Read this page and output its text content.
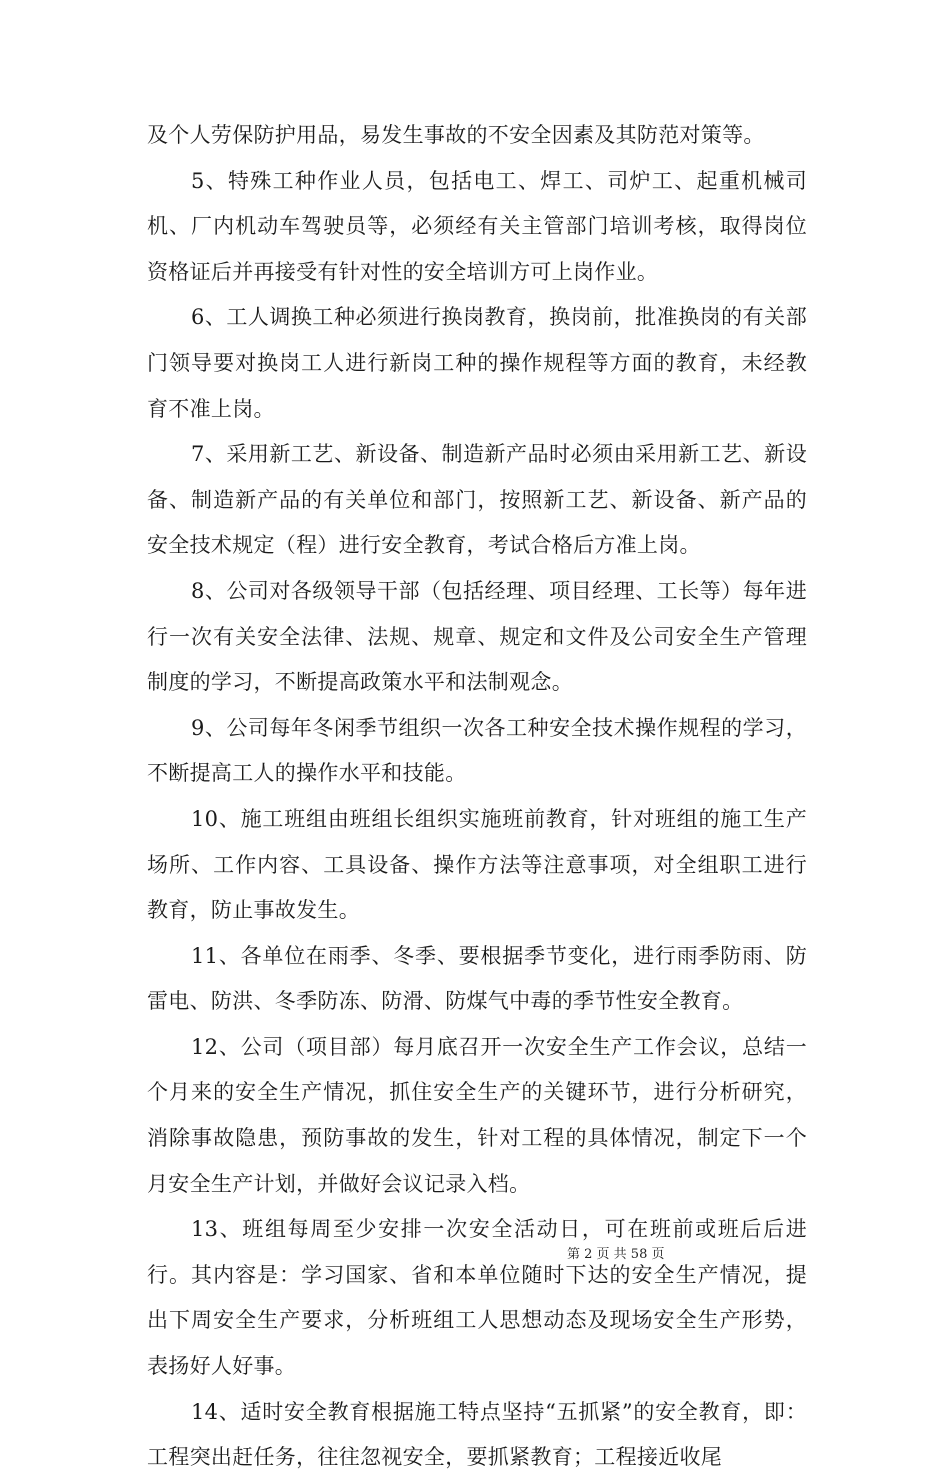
及个人劳保防护用品，易发生事故的不安全因素及其防范对策等。

5、特殊工种作业人员，包括电工、焊工、司炉工、起重机械司机、厂内机动车驾驶员等，必须经有关主管部门培训考核，取得岗位资格证后并再接受有针对性的安全培训方可上岗作业。

6、工人调换工种必须进行换岗教育，换岗前，批准换岗的有关部门领导要对换岗工人进行新岗工种的操作规程等方面的教育，未经教育不准上岗。

7、采用新工艺、新设备、制造新产品时必须由采用新工艺、新设备、制造新产品的有关单位和部门，按照新工艺、新设备、新产品的安全技术规定（程）进行安全教育，考试合格后方准上岗。

8、公司对各级领导干部（包括经理、项目经理、工长等）每年进行一次有关安全法律、法规、规章、规定和文件及公司安全生产管理制度的学习，不断提高政策水平和法制观念。

9、公司每年冬闲季节组织一次各工种安全技术操作规程的学习，不断提高工人的操作水平和技能。

10、施工班组由班组长组织实施班前教育，针对班组的施工生产场所、工作内容、工具设备、操作方法等注意事项，对全组职工进行教育，防止事故发生。

11、各单位在雨季、冬季、要根据季节变化，进行雨季防雨、防雷电、防洪、冬季防冻、防滑、防煤气中毒的季节性安全教育。

12、公司（项目部）每月底召开一次安全生产工作会议，总结一个月来的安全生产情况，抓住安全生产的关键环节，进行分析研究，消除事故隐患，预防事故的发生，针对工程的具体情况，制定下一个月安全生产计划，并做好会议记录入档。

13、班组每周至少安排一次安全活动日，可在班前或班后后进行。其内容是：学习国家、省和本单位随时下达的安全生产情况，提出下周安全生产要求，分析班组工人思想动态及现场安全生产形势，表扬好人好事。

14、适时安全教育根据施工特点坚持“五抓紧”的安全教育，即：工程突出赶任务，往往忽视安全，要抓紧教育；工程接近收尾

第 2 页 共 58 页
